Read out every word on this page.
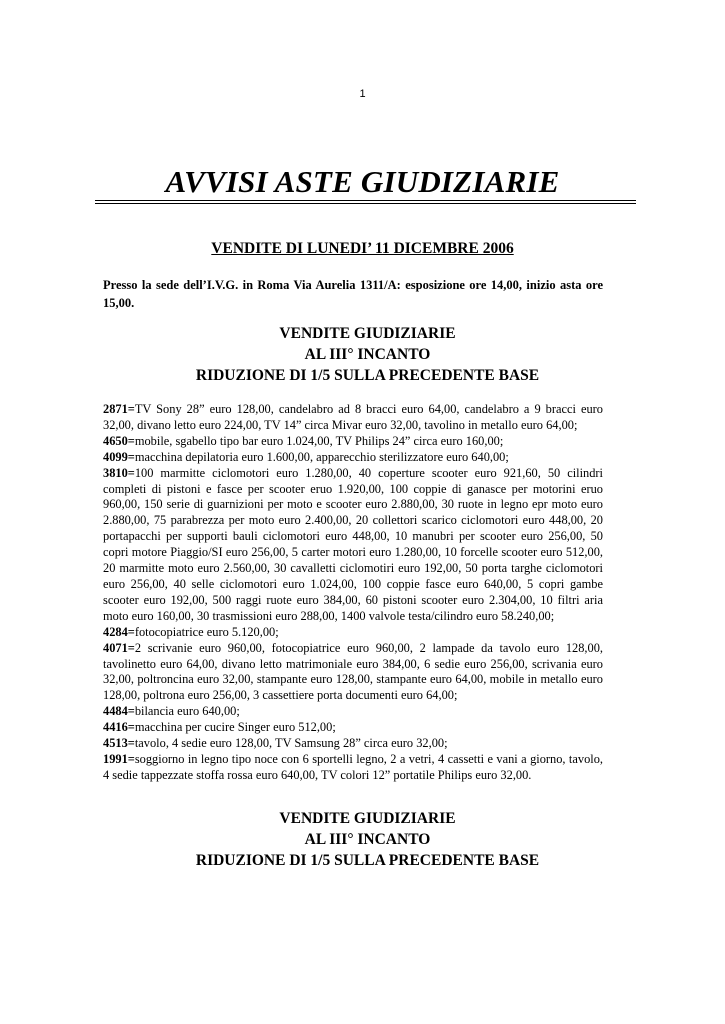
1
AVVISI ASTE GIUDIZIARIE
VENDITE DI LUNEDI’ 11 DICEMBRE 2006

Presso la sede dell’I.V.G. in Roma Via Aurelia 1311/A: esposizione ore 14,00, inizio asta ore 15,00.

VENDITE GIUDIZIARIE
AL III° INCANTO
RIDUZIONE DI 1/5 SULLA PRECEDENTE BASE
2871=TV Sony 28” euro 128,00, candelabro ad 8 bracci euro 64,00, candelabro a 9 bracci euro 32,00, divano letto euro 224,00, TV 14” circa Mivar euro 32,00, tavolino in metallo euro 64,00;
4650=mobile, sgabello tipo bar euro 1.024,00, TV Philips 24” circa euro 160,00;
4099=macchina depilatoria euro 1.600,00, apparecchio sterilizzatore euro 640,00;
3810=100 marmitte ciclomotori euro 1.280,00, 40 coperture scooter euro 921,60, 50 cilindri completi di pistoni e fasce per scooter eruo 1.920,00, 100 coppie di ganasce per motorini eruo 960,00, 150 serie di guarnizioni per moto e scooter euro 2.880,00, 30 ruote in legno epr moto euro 2.880,00, 75 parabrezza per moto euro 2.400,00, 20 collettori scarico ciclomotori euro 448,00, 20 portapacchi per supporti bauli ciclomotori euro 448,00, 10 manubri per scooter euro 256,00, 50 copri motore Piaggio/SI euro 256,00, 5 carter motori euro 1.280,00, 10 forcelle scooter euro 512,00, 20 marmitte moto euro 2.560,00, 30 cavalletti ciclomotiri euro 192,00, 50 porta targhe ciclomotori euro 256,00, 40 selle ciclomotori euro 1.024,00, 100 coppie fasce euro 640,00, 5 copri gambe scooter euro 192,00, 500 raggi ruote euro 384,00, 60 pistoni scooter euro 2.304,00, 10 filtri aria moto euro 160,00, 30 trasmissioni euro 288,00, 1400 valvole testa/cilindro euro 58.240,00;
4284=fotocopiatrice euro 5.120,00;
4071=2 scrivanie euro 960,00, fotocopiatrice euro 960,00, 2 lampade da tavolo euro 128,00, tavolinetto euro 64,00, divano letto matrimoniale euro 384,00, 6 sedie euro 256,00, scrivania euro 32,00, poltroncina euro 32,00, stampante euro 128,00, stampante euro 64,00, mobile in metallo euro 128,00, poltrona euro 256,00, 3 cassettiere porta documenti euro 64,00;
4484=bilancia euro 640,00;
4416=macchina per cucire Singer euro 512,00;
4513=tavolo, 4 sedie euro 128,00, TV Samsung 28” circa euro 32,00;
1991=soggiorno in legno tipo noce con 6 sportelli legno, 2 a vetri, 4 cassetti e vani a giorno, tavolo, 4 sedie tappezzate stoffa rossa euro 640,00, TV colori 12” portatile Philips euro 32,00.
VENDITE GIUDIZIARIE
AL III° INCANTO
RIDUZIONE DI 1/5 SULLA PRECEDENTE BASE
